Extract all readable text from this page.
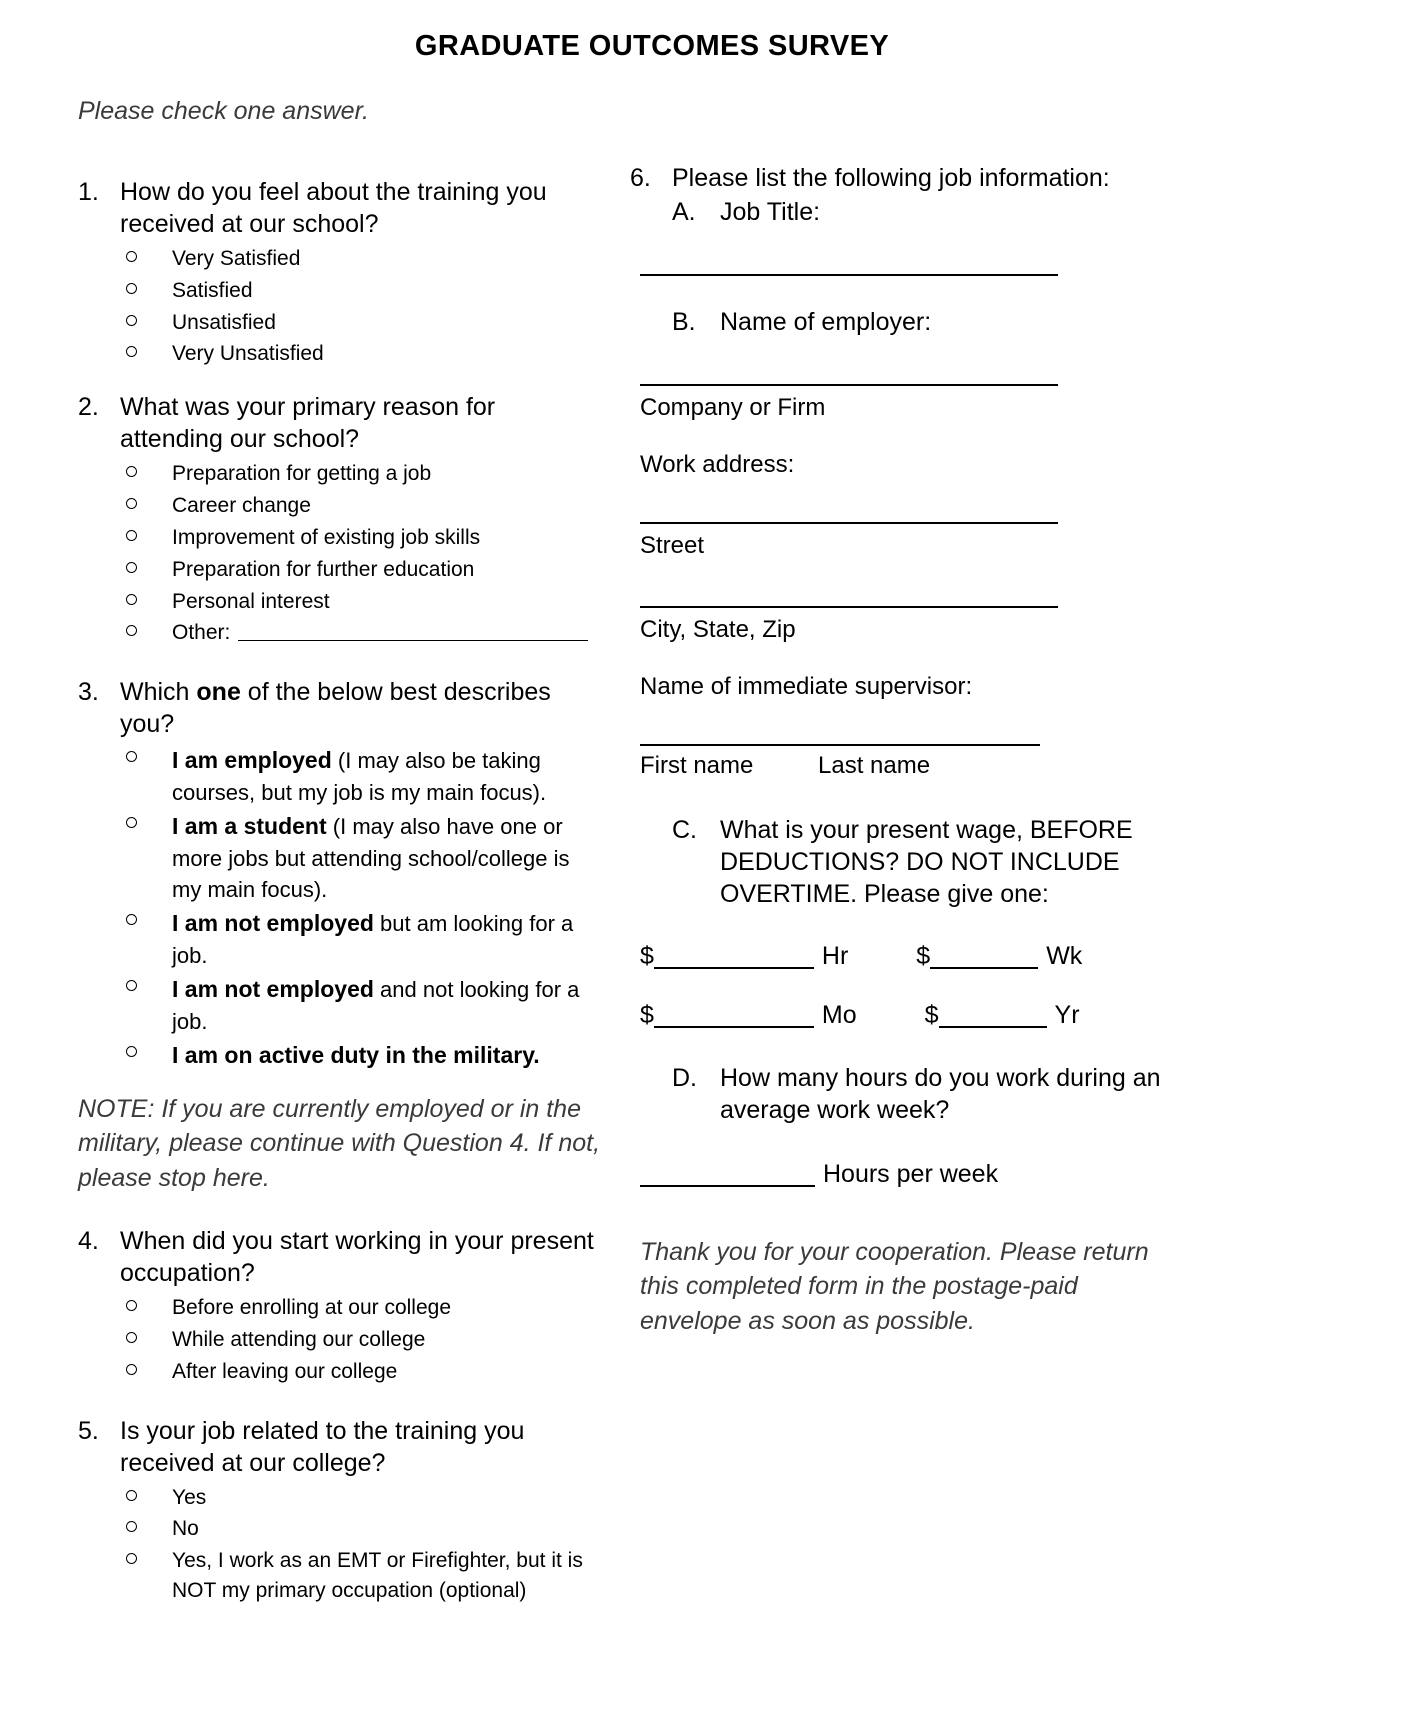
GRADUATE OUTCOMES SURVEY
Please check one answer.
1. How do you feel about the training you received at our school?
Very Satisfied
Satisfied
Unsatisfied
Very Unsatisfied
2. What was your primary reason for attending our school?
Preparation for getting a job
Career change
Improvement of existing job skills
Preparation for further education
Personal interest
Other:
3. Which one of the below best describes you?
I am employed (I may also be taking courses, but my job is my main focus).
I am a student (I may also have one or more jobs but attending school/college is my main focus).
I am not employed but am looking for a job.
I am not employed and not looking for a job.
I am on active duty in the military.
NOTE: If you are currently employed or in the military, please continue with Question 4. If not, please stop here.
4. When did you start working in your present occupation?
Before enrolling at our college
While attending our college
After leaving our college
5. Is your job related to the training you received at our college?
Yes
No
Yes, I work as an EMT or Firefighter, but it is NOT my primary occupation (optional)
6. Please list the following job information:
A. Job Title:
B. Name of employer:
Company or Firm
Work address:
Street
City, State, Zip
Name of immediate supervisor:
First name	Last name
C. What is your present wage, BEFORE DEDUCTIONS? DO NOT INCLUDE OVERTIME. Please give one:
$	Hr	$	Wk
$	Mo	$	Yr
D. How many hours do you work during an average work week?
Hours per week
Thank you for your cooperation. Please return this completed form in the postage-paid envelope as soon as possible.
